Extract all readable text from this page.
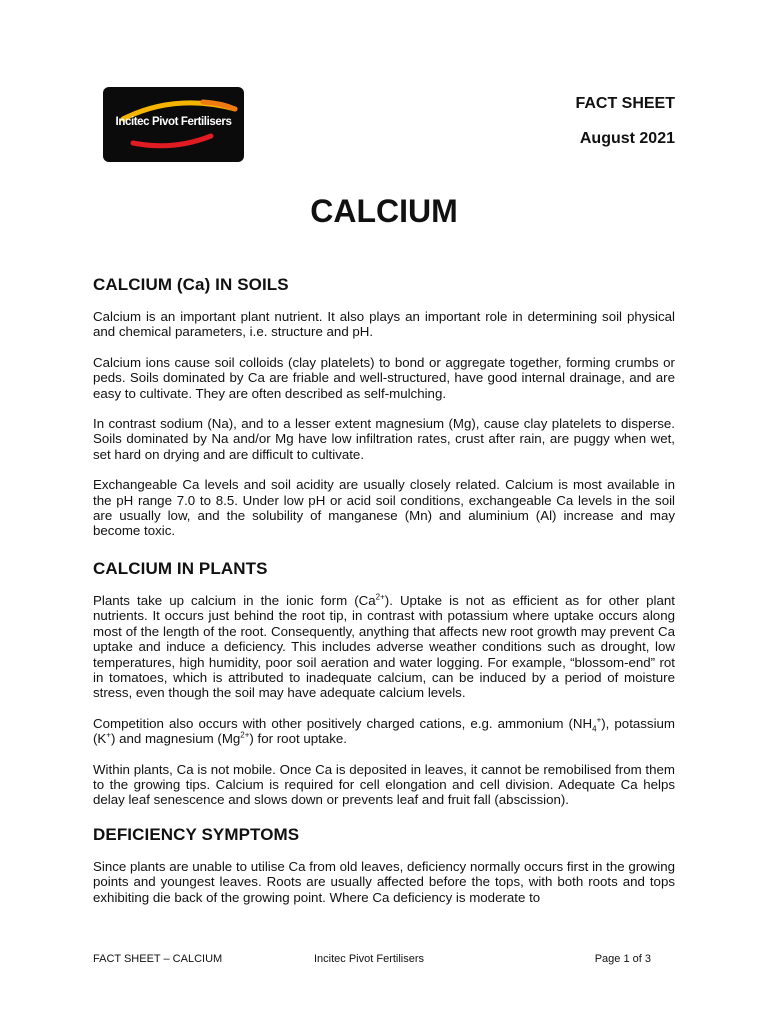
Incitec Pivot Fertilisers
FACT SHEET
August 2021
CALCIUM
CALCIUM (Ca) IN SOILS

Calcium is an important plant nutrient. It also plays an important role in determining soil physical and chemical parameters, i.e. structure and pH.

Calcium ions cause soil colloids (clay platelets) to bond or aggregate together, forming crumbs or peds. Soils dominated by Ca are friable and well-structured, have good internal drainage, and are easy to cultivate. They are often described as self-mulching.

In contrast sodium (Na), and to a lesser extent magnesium (Mg), cause clay platelets to disperse. Soils dominated by Na and/or Mg have low infiltration rates, crust after rain, are puggy when wet, set hard on drying and are difficult to cultivate.

Exchangeable Ca levels and soil acidity are usually closely related. Calcium is most available in the pH range 7.0 to 8.5. Under low pH or acid soil conditions, exchangeable Ca levels in the soil are usually low, and the solubility of manganese (Mn) and aluminium (Al) increase and may become toxic.

CALCIUM IN PLANTS

Plants take up calcium in the ionic form $(Ca^{2+})$. Uptake is not as efficient as for other plant nutrients. It occurs just behind the root tip, in contrast with potassium where uptake occurs along most of the length of the root. Consequently, anything that affects new root growth may prevent Ca uptake and induce a deficiency. This includes adverse weather conditions such as drought, low temperatures, high humidity, poor soil aeration and water logging. For example, “blossom-end” rot in tomatoes, which is attributed to inadequate calcium, can be induced by a period of moisture stress, even though the soil may have adequate calcium levels.

Competition also occurs with other positively charged cations, e.g. ammonium $(NH_4^+)$, potassium (K+) and magnesium $(Mg^{2+})$ for root uptake.

Within plants, Ca is not mobile. Once Ca is deposited in leaves, it cannot be remobilised from them to the growing tips. Calcium is required for cell elongation and cell division. Adequate Ca helps delay leaf senescence and slows down or prevents leaf and fruit fall (abscission).

DEFICIENCY SYMPTOMS

Since plants are unable to utilise Ca from old leaves, deficiency normally occurs first in the growing points and youngest leaves. Roots are usually affected before the tops, with both roots and tops exhibiting die back of the growing point. Where Ca deficiency is moderate to

FACT SHEET – CALCIUM	Incitec Pivot Fertilisers	Page 1 of 3
